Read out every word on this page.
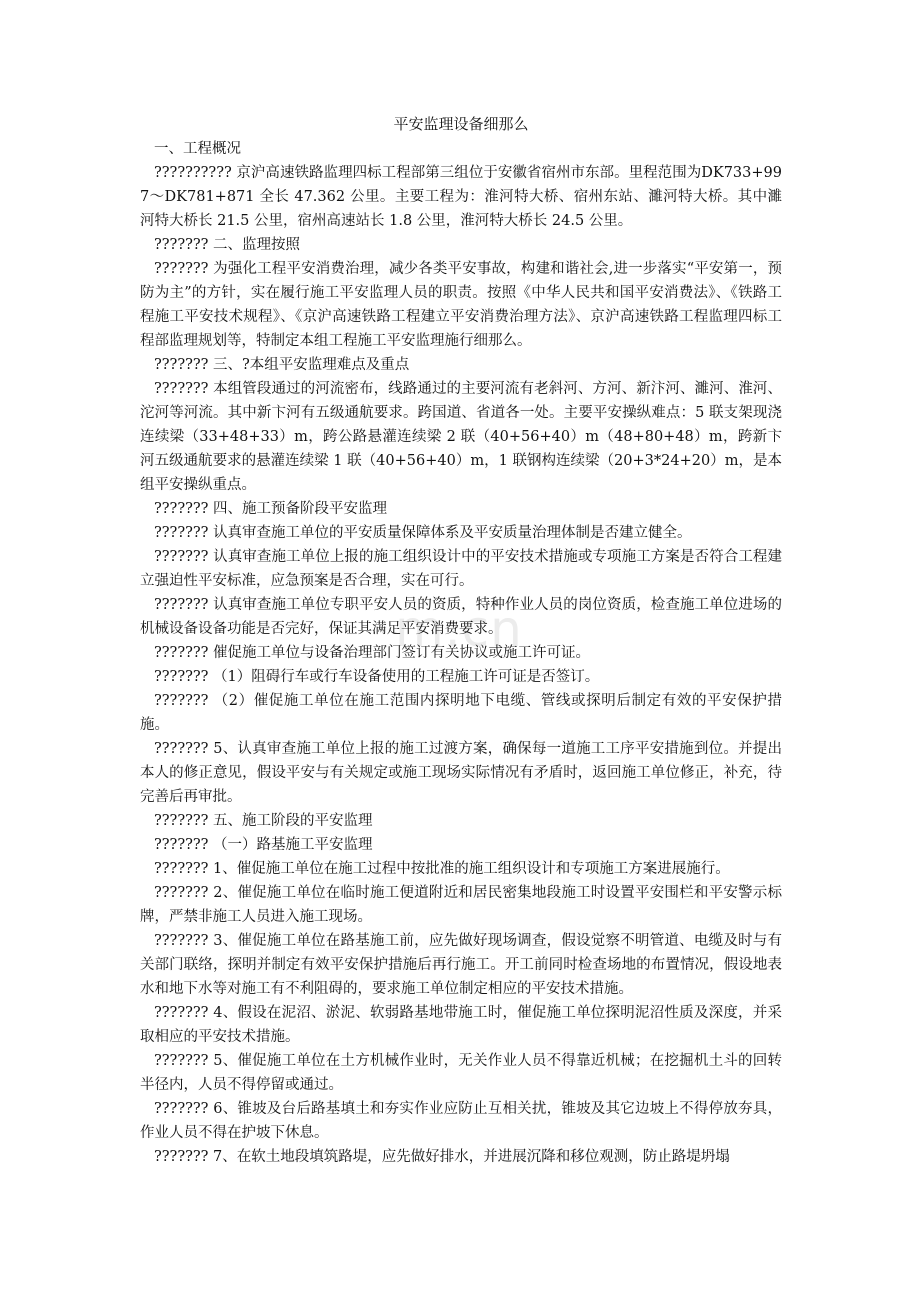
m.cn
平安监理设备细那么

一、工程概况

?????????? 京沪高速铁路监理四标工程部第三组位于安徽省宿州市东部。里程范围为DK733+997～DK781+871 全长 47.362 公里。主要工程为：淮河特大桥、宿州东站、濉河特大桥。其中濉河特大桥长 21.5 公里，宿州高速站长 1.8 公里，淮河特大桥长 24.5 公里。

??????? 二、监理按照

??????? 为强化工程平安消费治理，减少各类平安事故，构建和谐社会,进一步落实“平安第一，预防为主”的方针，实在履行施工平安监理人员的职责。按照《中华人民共和国平安消费法》、《铁路工程施工平安技术规程》、《京沪高速铁路工程建立平安消费治理方法》、京沪高速铁路工程监理四标工程部监理规划等，特制定本组工程施工平安监理施行细那么。

??????? 三、?本组平安监理难点及重点

??????? 本组管段通过的河流密布，线路通过的主要河流有老斜河、方河、新汴河、濉河、淮河、沱河等河流。其中新卞河有五级通航要求。跨国道、省道各一处。主要平安操纵难点：5 联支架现浇连续梁（33+48+33）m，跨公路悬灌连续梁 2 联（40+56+40）m（48+80+48）m，跨新卞河五级通航要求的悬灌连续梁 1 联（40+56+40）m，1 联钢构连续梁（20+3*24+20）m，是本组平安操纵重点。

??????? 四、施工预备阶段平安监理

??????? 认真审查施工单位的平安质量保障体系及平安质量治理体制是否建立健全。

??????? 认真审查施工单位上报的施工组织设计中的平安技术措施或专项施工方案是否符合工程建立强迫性平安标准，应急预案是否合理，实在可行。

??????? 认真审查施工单位专职平安人员的资质，特种作业人员的岗位资质，检查施工单位进场的机械设备设备功能是否完好，保证其满足平安消费要求。

??????? 催促施工单位与设备治理部门签订有关协议或施工许可证。

??????? （1）阻碍行车或行车设备使用的工程施工许可证是否签订。

??????? （2）催促施工单位在施工范围内探明地下电缆、管线或探明后制定有效的平安保护措施。

??????? 5、认真审查施工单位上报的施工过渡方案，确保每一道施工工序平安措施到位。并提出本人的修正意见，假设平安与有关规定或施工现场实际情况有矛盾时，返回施工单位修正，补充，待完善后再审批。

??????? 五、施工阶段的平安监理

??????? （一）路基施工平安监理

??????? 1、催促施工单位在施工过程中按批准的施工组织设计和专项施工方案进展施行。

??????? 2、催促施工单位在临时施工便道附近和居民密集地段施工时设置平安围栏和平安警示标牌，严禁非施工人员进入施工现场。

??????? 3、催促施工单位在路基施工前，应先做好现场调查，假设觉察不明管道、电缆及时与有关部门联络，探明并制定有效平安保护措施后再行施工。开工前同时检查场地的布置情况，假设地表水和地下水等对施工有不利阻碍的，要求施工单位制定相应的平安技术措施。

??????? 4、假设在泥沼、淤泥、软弱路基地带施工时，催促施工单位探明泥沼性质及深度，并采取相应的平安技术措施。

??????? 5、催促施工单位在土方机械作业时，无关作业人员不得靠近机械；在挖掘机土斗的回转半径内，人员不得停留或通过。

??????? 6、锥坡及台后路基填土和夯实作业应防止互相关扰，锥坡及其它边坡上不得停放夯具，作业人员不得在护坡下休息。

??????? 7、在软土地段填筑路堤，应先做好排水，并进展沉降和移位观测，防止路堤坍塌
